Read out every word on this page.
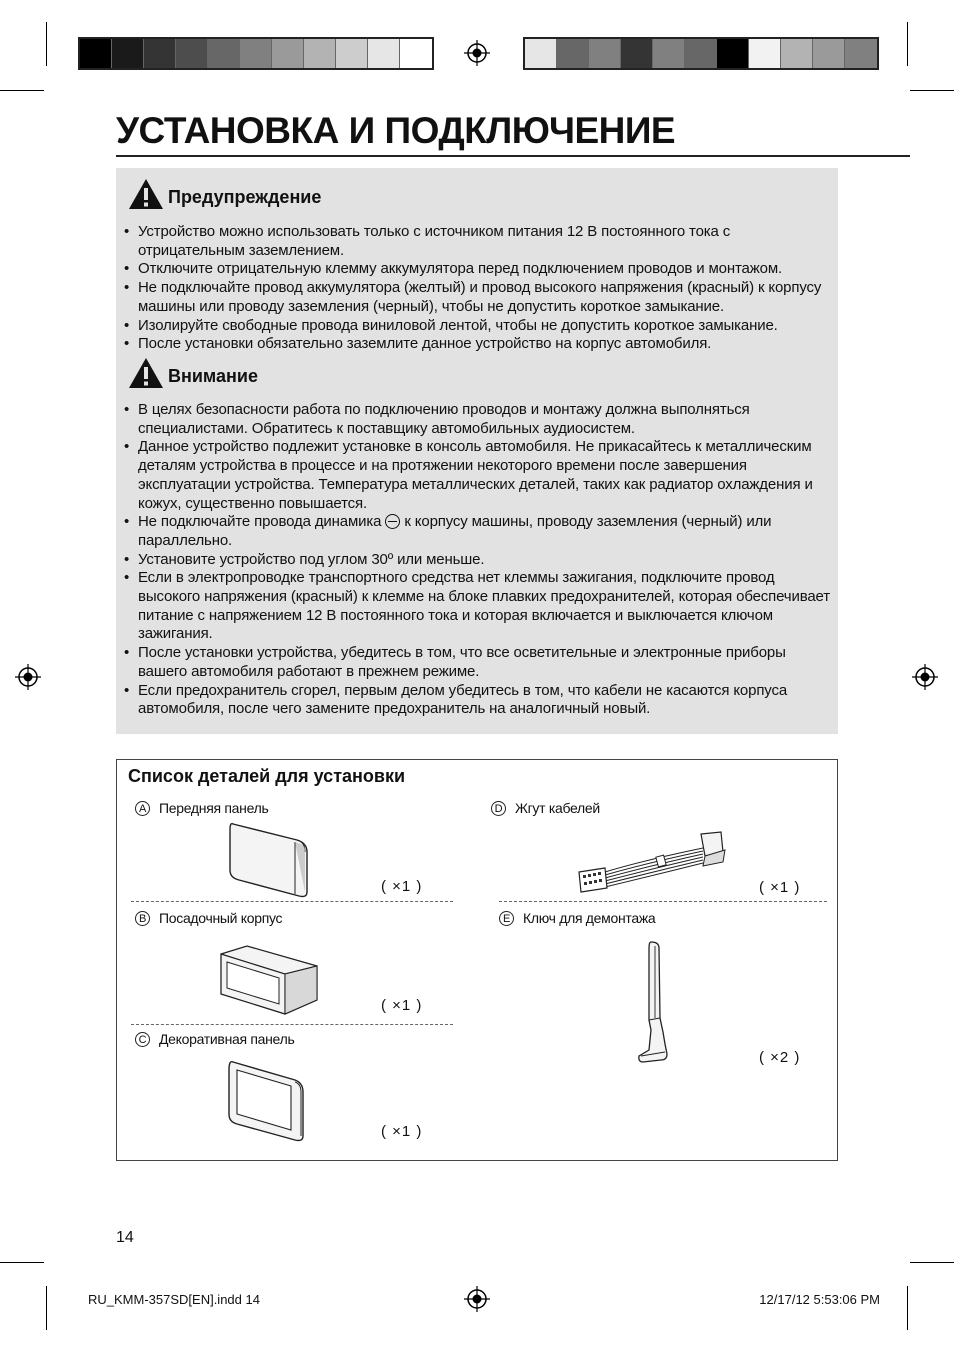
УСТАНОВКА И ПОДКЛЮЧЕНИЕ
Предупреждение
• Устройство можно использовать только с источником питания 12 В постоянного тока с отрицательным заземлением.
• Отключите отрицательную клемму аккумулятора перед подключением проводов и монтажом.
• Не подключайте провод аккумулятора (желтый) и провод высокого напряжения (красный) к корпусу машины или проводу заземления (черный), чтобы не допустить короткое замыкание.
• Изолируйте свободные провода виниловой лентой, чтобы не допустить короткое замыкание.
• После установки обязательно заземлите данное устройство на корпус автомобиля.
Внимание
• В целях безопасности работа по подключению проводов и монтажу должна выполняться специалистами. Обратитесь к поставщику автомобильных аудиосистем.
• Данное устройство подлежит установке в консоль автомобиля. Не прикасайтесь к металлическим деталям устройства в процессе и на протяжении некоторого времени после завершения эксплуатации устройства. Температура металлических деталей, таких как радиатор охлаждения и кожух, существенно повышается.
• Не подключайте провода динамика к корпусу машины, проводу заземления (черный) или параллельно.
• Установите устройство под углом 30º или меньше.
• Если в электропроводке транспортного средства нет клеммы зажигания, подключите провод высокого напряжения (красный) к клемме на блоке плавких предохранителей, которая обеспечивает питание с напряжением 12 В постоянного тока и которая включается и выключается ключом зажигания.
• После установки устройства, убедитесь в том, что все осветительные и электронные приборы вашего автомобиля работают в прежнем режиме.
• Если предохранитель сгорел, первым делом убедитесь в том, что кабели не касаются корпуса автомобиля, после чего замените предохранитель на аналогичный новый.
Список деталей для установки
A Передняя панель
( ×1 )
B Посадочный корпус
( ×1 )
C Декоративная панель
( ×1 )
D Жгут кабелей
( ×1 )
E Ключ для демонтажа
( ×2 )
14
RU_KMM-357SD[EN].indd 14	12/17/12 5:53:06 PM
